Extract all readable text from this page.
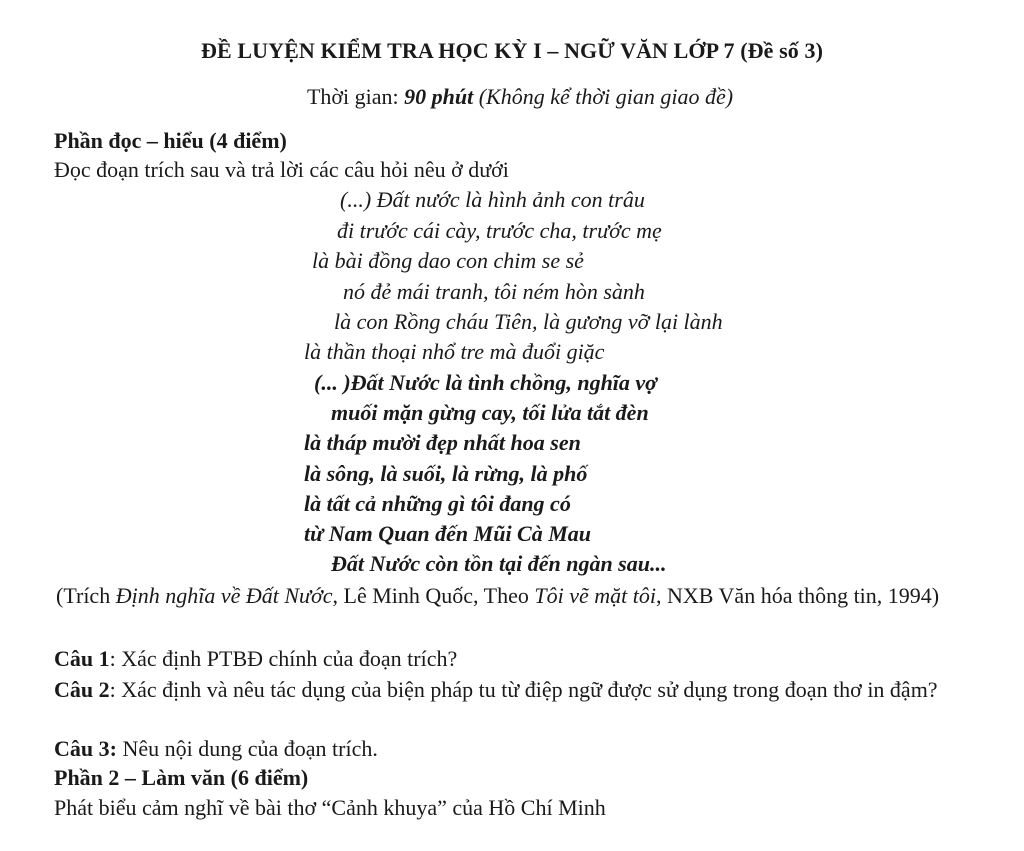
ĐỀ LUYỆN KIỂM TRA HỌC KỲ I – NGỮ VĂN LỚP 7 (Đề số 3)
Thời gian: 90 phút (Không kể thời gian giao đề)
Phần đọc – hiểu (4 điểm)
Đọc đoạn trích sau và trả lời các câu hỏi nêu ở dưới
(...) Đất nước là hình ảnh con trâu
đi trước cái cày, trước cha, trước mẹ
là bài đồng dao con chim se sẻ
nó đẻ mái tranh, tôi ném hòn sành
là con Rồng cháu Tiên, là gương vỡ lại lành
là thần thoại nhổ tre mà đuổi giặc
(... )Đất Nước là tình chồng, nghĩa vợ
muối mặn gừng cay, tối lửa tắt đèn
là tháp mười đẹp nhất hoa sen
là sông, là suối, là rừng, là phố
là tất cả những gì tôi đang có
từ Nam Quan đến Mũi Cà Mau
Đất Nước còn tồn tại đến ngàn sau...
(Trích Định nghĩa về Đất Nước, Lê Minh Quốc, Theo Tôi vẽ mặt tôi, NXB Văn hóa thông tin, 1994)
Câu 1: Xác định PTBĐ chính của đoạn trích?
Câu 2: Xác định và nêu tác dụng của biện pháp tu từ điệp ngữ được sử dụng trong đoạn thơ in đậm?
Câu 3: Nêu nội dung của đoạn trích.
Phần 2 – Làm văn (6 điểm)
Phát biểu cảm nghĩ về bài thơ “Cảnh khuya” của Hồ Chí Minh
